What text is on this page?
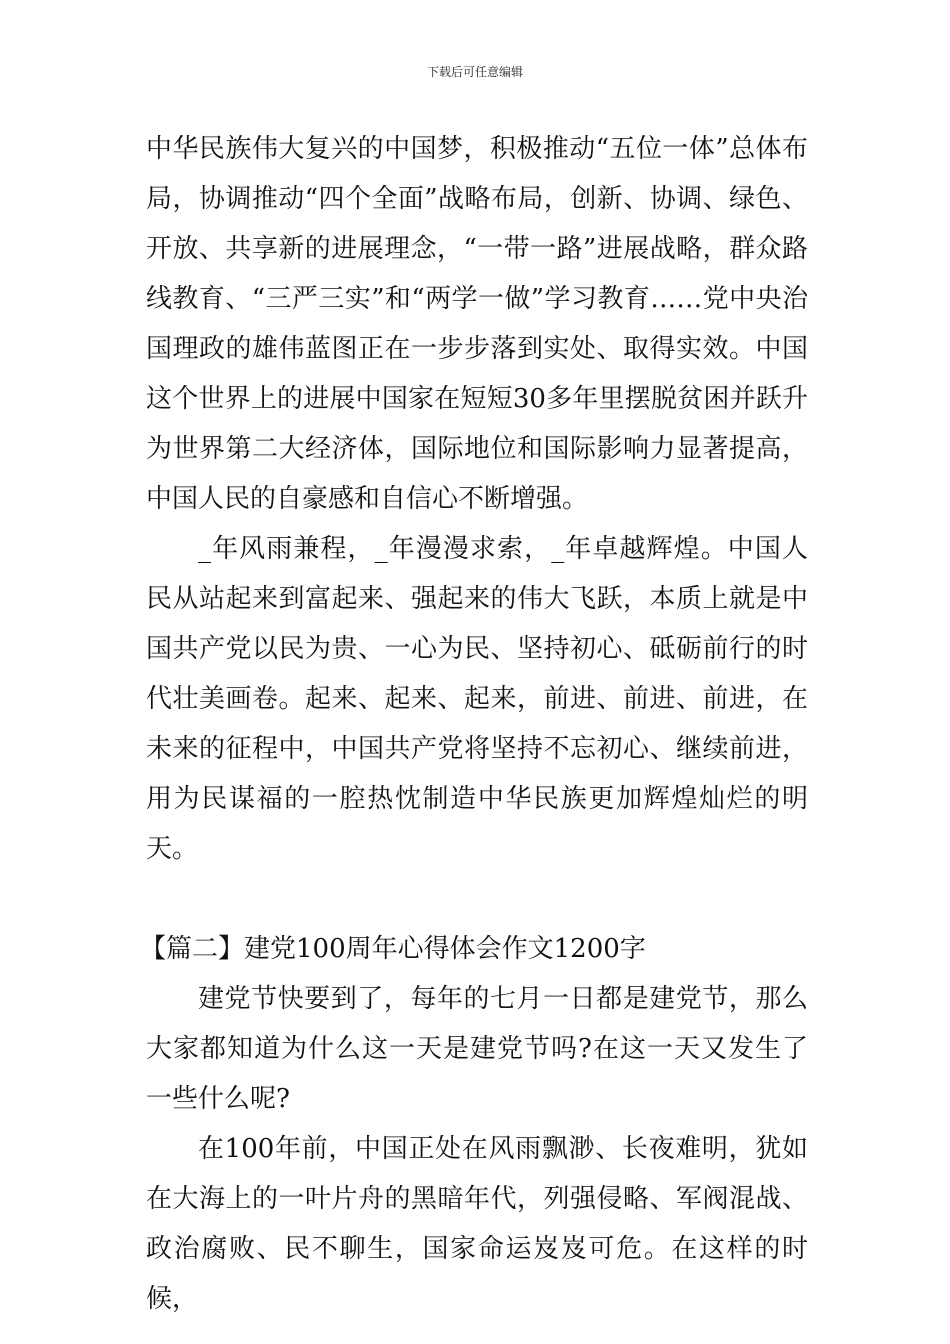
下载后可任意编辑

中华民族伟大复兴的中国梦，积极推动“五位一体”总体布局，协调推动“四个全面”战略布局，创新、协调、绿色、开放、共享新的进展理念，“一带一路”进展战略，群众路线教育、“三严三实”和“两学一做”学习教育……党中央治国理政的雄伟蓝图正在一步步落到实处、取得实效。中国这个世界上的进展中国家在短短30多年里摆脱贫困并跃升为世界第二大经济体，国际地位和国际影响力显著提高，中国人民的自豪感和自信心不断增强。

_年风雨兼程，_年漫漫求索，_年卓越辉煌。中国人民从站起来到富起来、强起来的伟大飞跃，本质上就是中国共产党以民为贵、一心为民、坚持初心、砥砺前行的时代壮美画卷。起来、起来、起来，前进、前进、前进，在未来的征程中，中国共产党将坚持不忘初心、继续前进，用为民谋福的一腔热忱制造中华民族更加辉煌灿烂的明天。

【篇二】建党100周年心得体会作文1200字

建党节快要到了，每年的七月一日都是建党节，那么大家都知道为什么这一天是建党节吗?在这一天又发生了一些什么呢?

在100年前，中国正处在风雨飘渺、长夜难明，犹如在大海上的一叶片舟的黑暗年代，列强侵略、军阀混战、政治腐败、民不聊生，国家命运岌岌可危。在这样的时候，
